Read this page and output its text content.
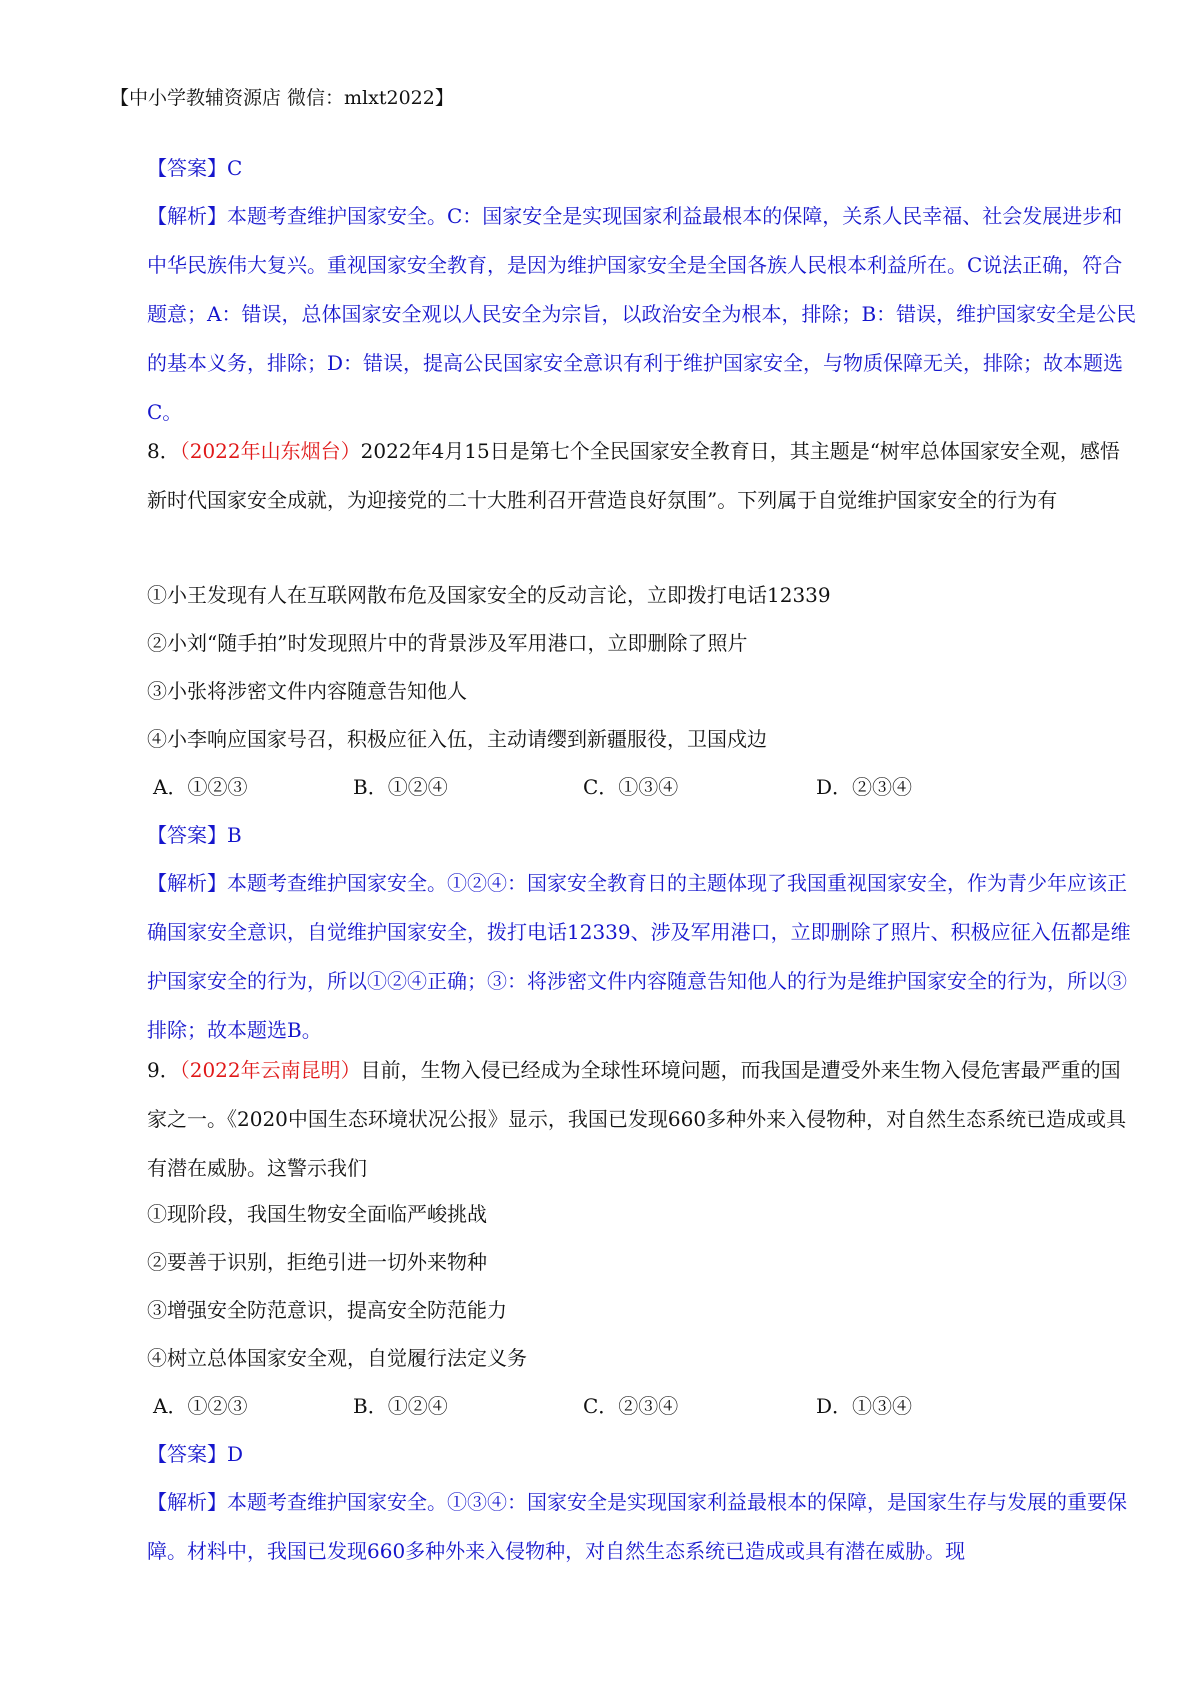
【中小学教辅资源店 微信：mlxt2022】
【答案】C
【解析】本题考查维护国家安全。C：国家安全是实现国家利益最根本的保障，关系人民幸福、社会发展进步和中华民族伟大复兴。重视国家安全教育，是因为维护国家安全是全国各族人民根本利益所在。C说法正确，符合题意；A：错误，总体国家安全观以人民安全为宗旨，以政治安全为根本，排除；B：错误，维护国家安全是公民的基本义务，排除；D：错误，提高公民国家安全意识有利于维护国家安全，与物质保障无关，排除；故本题选C。
8．（2022年山东烟台）2022年4月15日是第七个全民国家安全教育日，其主题是“树牢总体国家安全观，感悟新时代国家安全成就，为迎接党的二十大胜利召开营造良好氛围”。下列属于自觉维护国家安全的行为有
①小王发现有人在互联网散布危及国家安全的反动言论，立即拨打电话12339
②小刘“随手拍”时发现照片中的背景涉及军用港口，立即删除了照片
③小张将涉密文件内容随意告知他人
④小李响应国家号召，积极应征入伍，主动请缨到新疆服役，卫国戍边
A．①②③	B．①②④	C．①③④	D．②③④
【答案】B
【解析】本题考查维护国家安全。①②④：国家安全教育日的主题体现了我国重视国家安全，作为青少年应该正确国家安全意识，自觉维护国家安全，拨打电话12339、涉及军用港口，立即删除了照片、积极应征入伍都是维护国家安全的行为，所以①②④正确；③：将涉密文件内容随意告知他人的行为是维护国家安全的行为，所以③排除；故本题选B。
9．（2022年云南昆明）目前，生物入侵已经成为全球性环境问题，而我国是遭受外来生物入侵危害最严重的国家之一。《2020中国生态环境状况公报》显示，我国已发现660多种外来入侵物种，对自然生态系统已造成或具有潜在威胁。这警示我们
①现阶段，我国生物安全面临严峻挑战
②要善于识别，拒绝引进一切外来物种
③增强安全防范意识，提高安全防范能力
④树立总体国家安全观，自觉履行法定义务
A．①②③	B．①②④	C．②③④	D．①③④
【答案】D
【解析】本题考查维护国家安全。①③④：国家安全是实现国家利益最根本的保障，是国家生存与发展的重要保障。材料中，我国已发现660多种外来入侵物种，对自然生态系统已造成或具有潜在威胁。现
